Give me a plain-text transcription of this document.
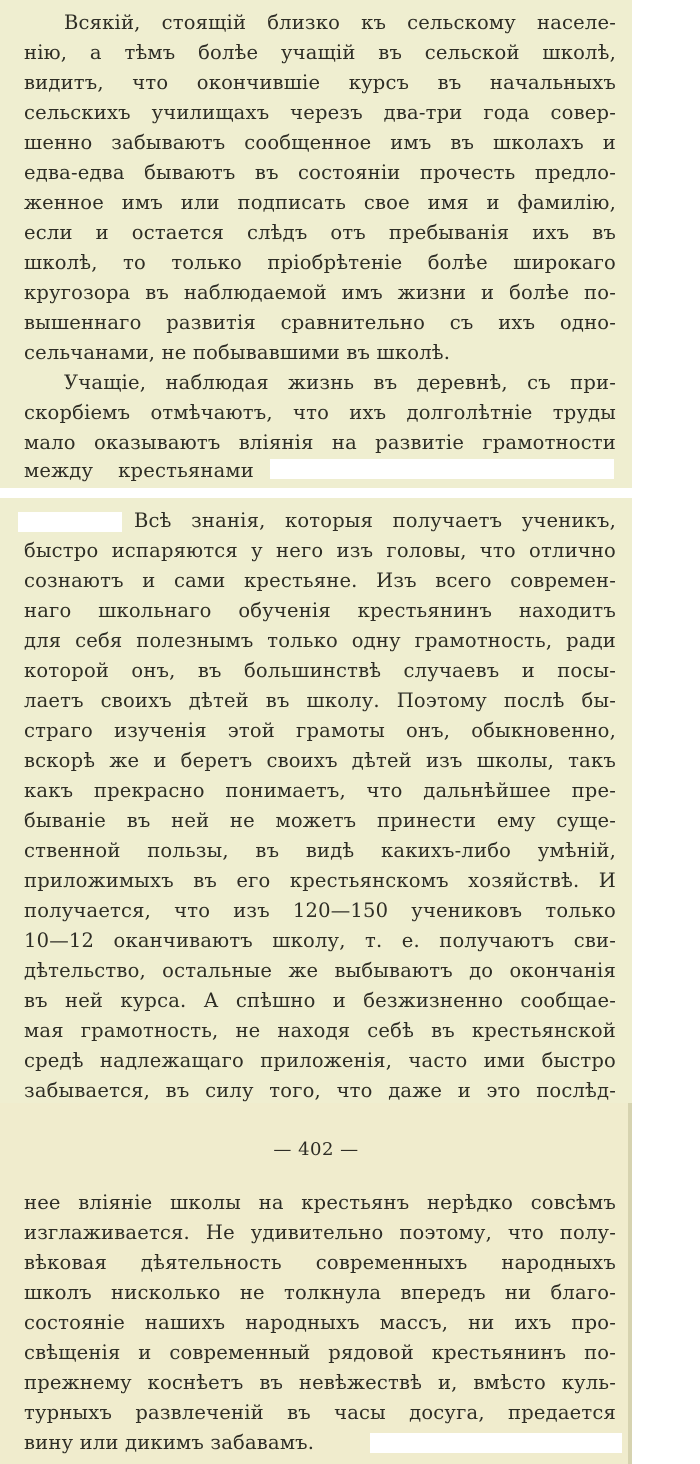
Всякій, стоящій близко къ сельскому населе-
нію, а тѣмъ болѣе учащій въ сельской школѣ,
видитъ, что окончившіе курсъ въ начальныхъ
сельскихъ училищахъ черезъ два-три года совер-
шенно забываютъ сообщенное имъ въ школахъ и
едва-едва бываютъ въ состояніи прочесть предло-
женное имъ или подписать свое имя и фамилію,
если и остается слѣдъ отъ пребыванія ихъ въ
школѣ, то только пріобрѣтеніе болѣе широкаго
кругозора въ наблюдаемой имъ жизни и болѣе по-
вышеннаго развитія сравнительно съ ихъ одно-
сельчанами, не побывавшими въ школѣ.
Учащіе, наблюдая жизнь въ деревнѣ, съ при-
скорбіемъ отмѣчаютъ, что ихъ долголѣтніе труды
мало оказываютъ вліянія на развитіе грамотности
между крестьянами
Всѣ знанія, которыя получаетъ ученикъ,
быстро испаряются у него изъ головы, что отлично
сознаютъ и сами крестьяне. Изъ всего современ-
наго школьнаго обученія крестьянинъ находитъ
для себя полезнымъ только одну грамотность, ради
которой онъ, въ большинствѣ случаевъ и посы-
лаетъ своихъ дѣтей въ школу. Поэтому послѣ бы-
страго изученія этой грамоты онъ, обыкновенно,
вскорѣ же и беретъ своихъ дѣтей изъ школы, такъ
какъ прекрасно понимаетъ, что дальнѣйшее пре-
бываніе въ ней не можетъ принести ему суще-
ственной пользы, въ видѣ какихъ-либо умѣній,
приложимыхъ въ его крестьянскомъ хозяйствѣ. И
получается, что изъ 120—150 учениковъ только
10—12 оканчиваютъ школу, т. е. получаютъ сви-
дѣтельство, остальные же выбываютъ до окончанія
въ ней курса. А спѣшно и безжизненно сообщае-
мая грамотность, не находя себѣ въ крестьянской
средѣ надлежащаго приложенія, часто ими быстро
забывается, въ силу того, что даже и это послѣд-
— 402 —
нее вліяніе школы на крестьянъ нерѣдко совсѣмъ
изглаживается. Не удивительно поэтому, что полу-
вѣковая дѣятельность современныхъ народныхъ
школъ нисколько не толкнула впередъ ни благо-
состояніе нашихъ народныхъ массъ, ни ихъ про-
свѣщенія и современный рядовой крестьянинъ по-
прежнему коснѣетъ въ невѣжествѣ и, вмѣсто куль-
турныхъ развлеченій въ часы досуга, предается
вину или дикимъ забавамъ.
